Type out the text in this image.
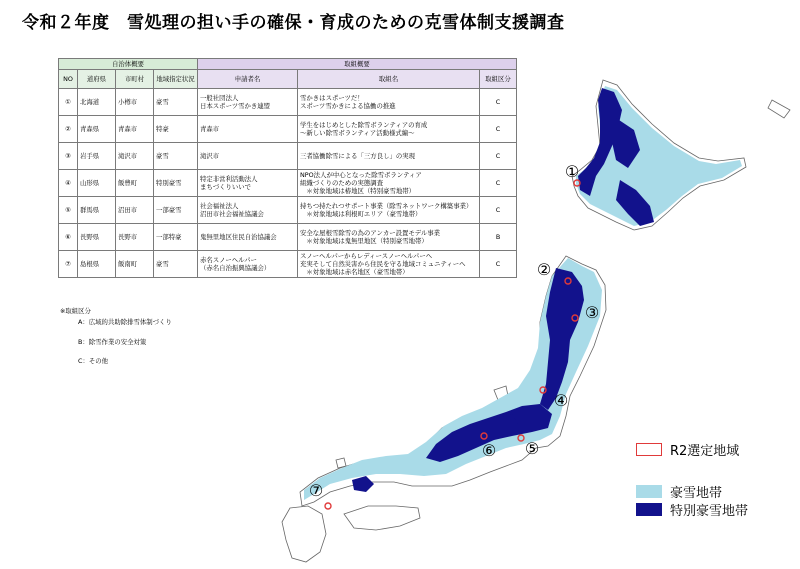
令和２年度　雪処理の担い手の確保・育成のための克雪体制支援調査
自治体概要				取組概要		
NO	道府県	市町村	地域指定状況	申請者名	取組名	取組区分
①	北海道	小樽市	豪雪	一般社団法人
日本スポーツ雪かき連盟	雪かきはスポーツだ！
スポーツ雪かきによる協働の推進	C
②	青森県	青森市	特豪	青森市	学生をはじめとした除雪ボランティアの育成
～新しい除雪ボランティア活動様式編～	C
③	岩手県	滝沢市	豪雪	滝沢市	三者協働除雪による「三方良し」の実現	C
④	山形県	飯豊町	特別豪雪	特定非営利活動法人
まちづくりいいで	NPO法人が中心となった除雪ボランティア
組織づくりのための実態調査
　＊対象地域は椿地区（特別豪雪地帯）	C
⑤	群馬県	沼田市	一部豪雪	社会福祉法人
沼田市社会福祉協議会	持ちつ持たれつサポート事業（除雪ネットワーク構築事業）
　＊対象地域は利根町エリア（豪雪地帯）	C
⑥	長野県	長野市	一部特豪	鬼無里地区住民自治協議会	安全な屋根雪除雪の為のアンカー設置モデル事業
　＊対象地域は鬼無里地区（特別豪雪地帯）	B
⑦	島根県	飯南町	豪雪	赤名スノーヘルパー
（赤名自治振興協議会）	スノーヘルパーからレディースノーヘルパーへ
充実そして自然災害から住民を守る地域コミュニティーへ
　＊対象地域は赤名地区（豪雪地帯）	C
※取組区分
A：広域的共助除排雪体制づくり
B：除雪作業の安全対策
C：その他
①
②
③
④
⑤
⑥
⑦
R2選定地域
豪雪地帯
特別豪雪地帯
